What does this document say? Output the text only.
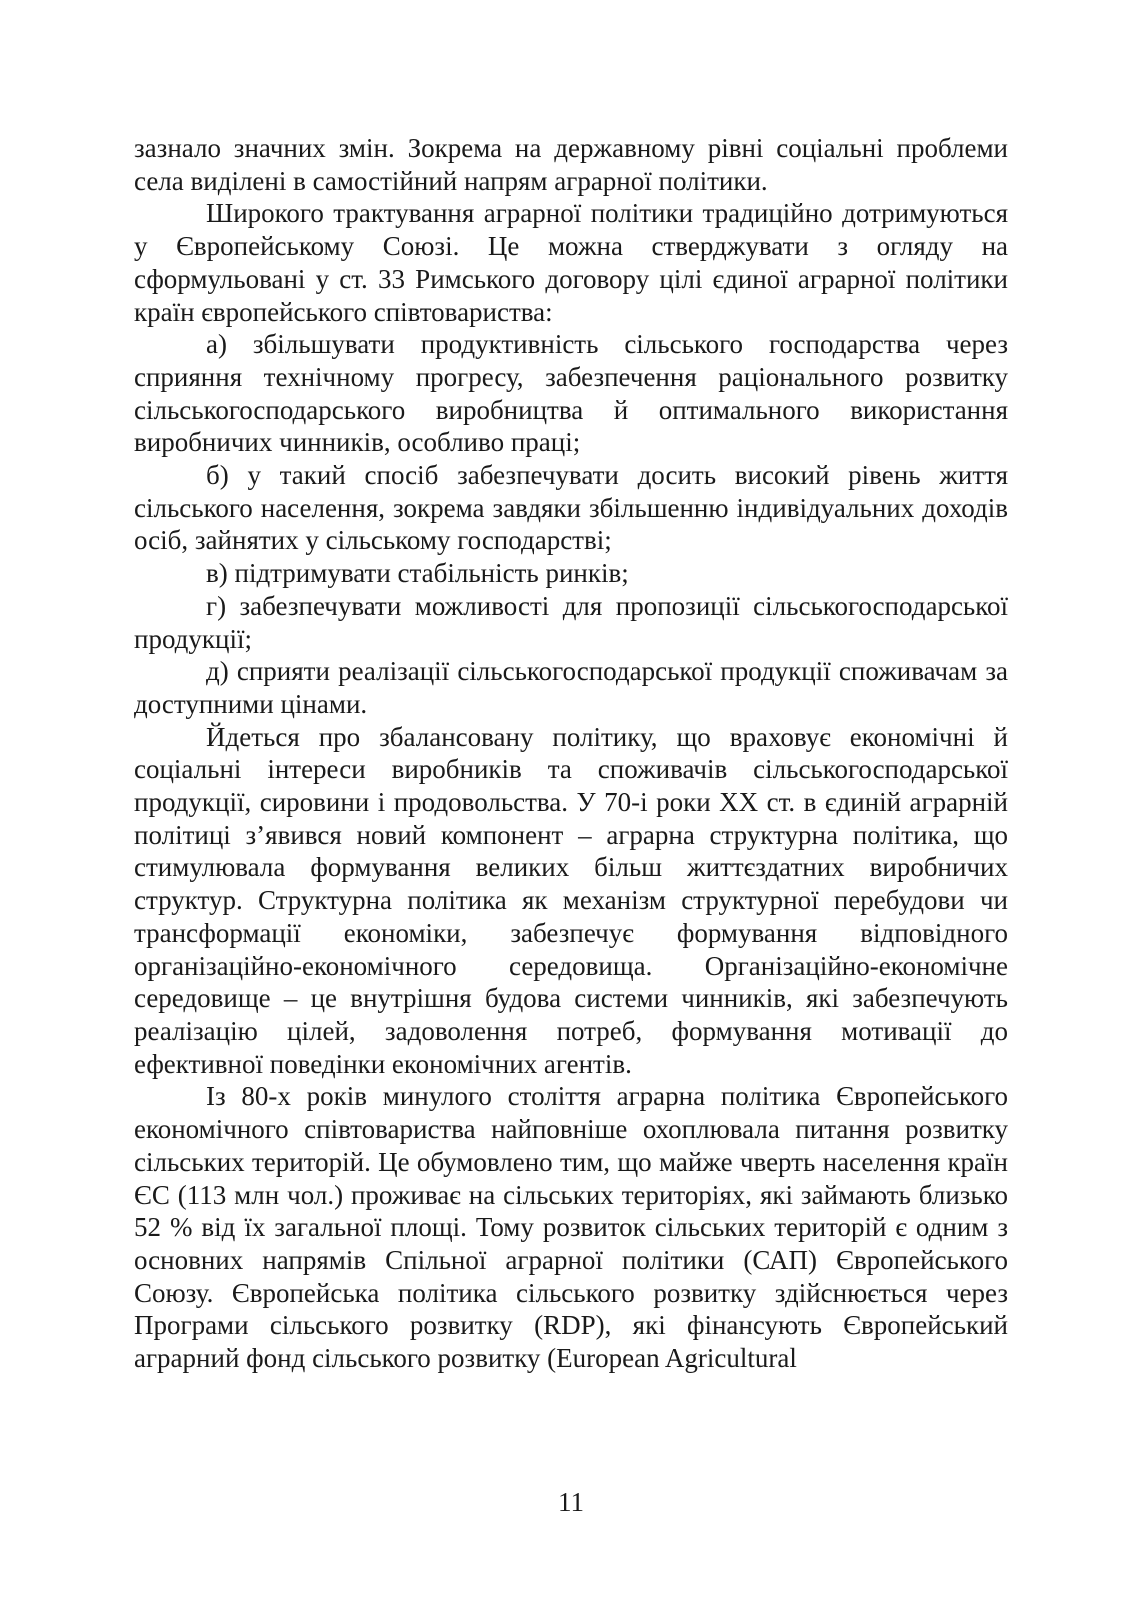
зазнало значних змін. Зокрема на державному рівні соціальні проблеми села виділені в самостійний напрям аграрної політики.

Широкого трактування аграрної політики традиційно дотримуються у Європейському Союзі. Це можна стверджувати з огляду на сформульовані у ст. 33 Римського договору цілі єдиної аграрної політики країн європейського співтовариства:

а) збільшувати продуктивність сільського господарства через сприяння технічному прогресу, забезпечення раціонального розвитку сільськогосподарського виробництва й оптимального використання виробничих чинників, особливо праці;

б) у такий спосіб забезпечувати досить високий рівень життя сільського населення, зокрема завдяки збільшенню індивідуальних доходів осіб, зайнятих у сільському господарстві;

в) підтримувати стабільність ринків;

г) забезпечувати можливості для пропозиції сільськогосподарської продукції;

д) сприяти реалізації сільськогосподарської продукції споживачам за доступними цінами.

Йдеться про збалансовану політику, що враховує економічні й соціальні інтереси виробників та споживачів сільськогосподарської продукції, сировини і продовольства. У 70-і роки ХХ ст. в єдиній аграрній політиці з’явився новий компонент – аграрна структурна політика, що стимулювала формування великих більш життєздатних виробничих структур. Структурна політика як механізм структурної перебудови чи трансформації економіки, забезпечує формування відповідного організаційно-економічного середовища. Організаційно-економічне середовище – це внутрішня будова системи чинників, які забезпечують реалізацію цілей, задоволення потреб, формування мотивації до ефективної поведінки економічних агентів.

Із 80-х років минулого століття аграрна політика Європейського економічного співтовариства найповніше охоплювала питання розвитку сільських територій. Це обумовлено тим, що майже чверть населення країн ЄС (113 млн чол.) проживає на сільських територіях, які займають близько 52 % від їх загальної площі. Тому розвиток сільських територій є одним з основних напрямів Спільної аграрної політики (САП) Європейського Союзу. Європейська політика сільського розвитку здійснюється через Програми сільського розвитку (RDP), які фінансують Європейський аграрний фонд сільського розвитку (European Agricultural

11
